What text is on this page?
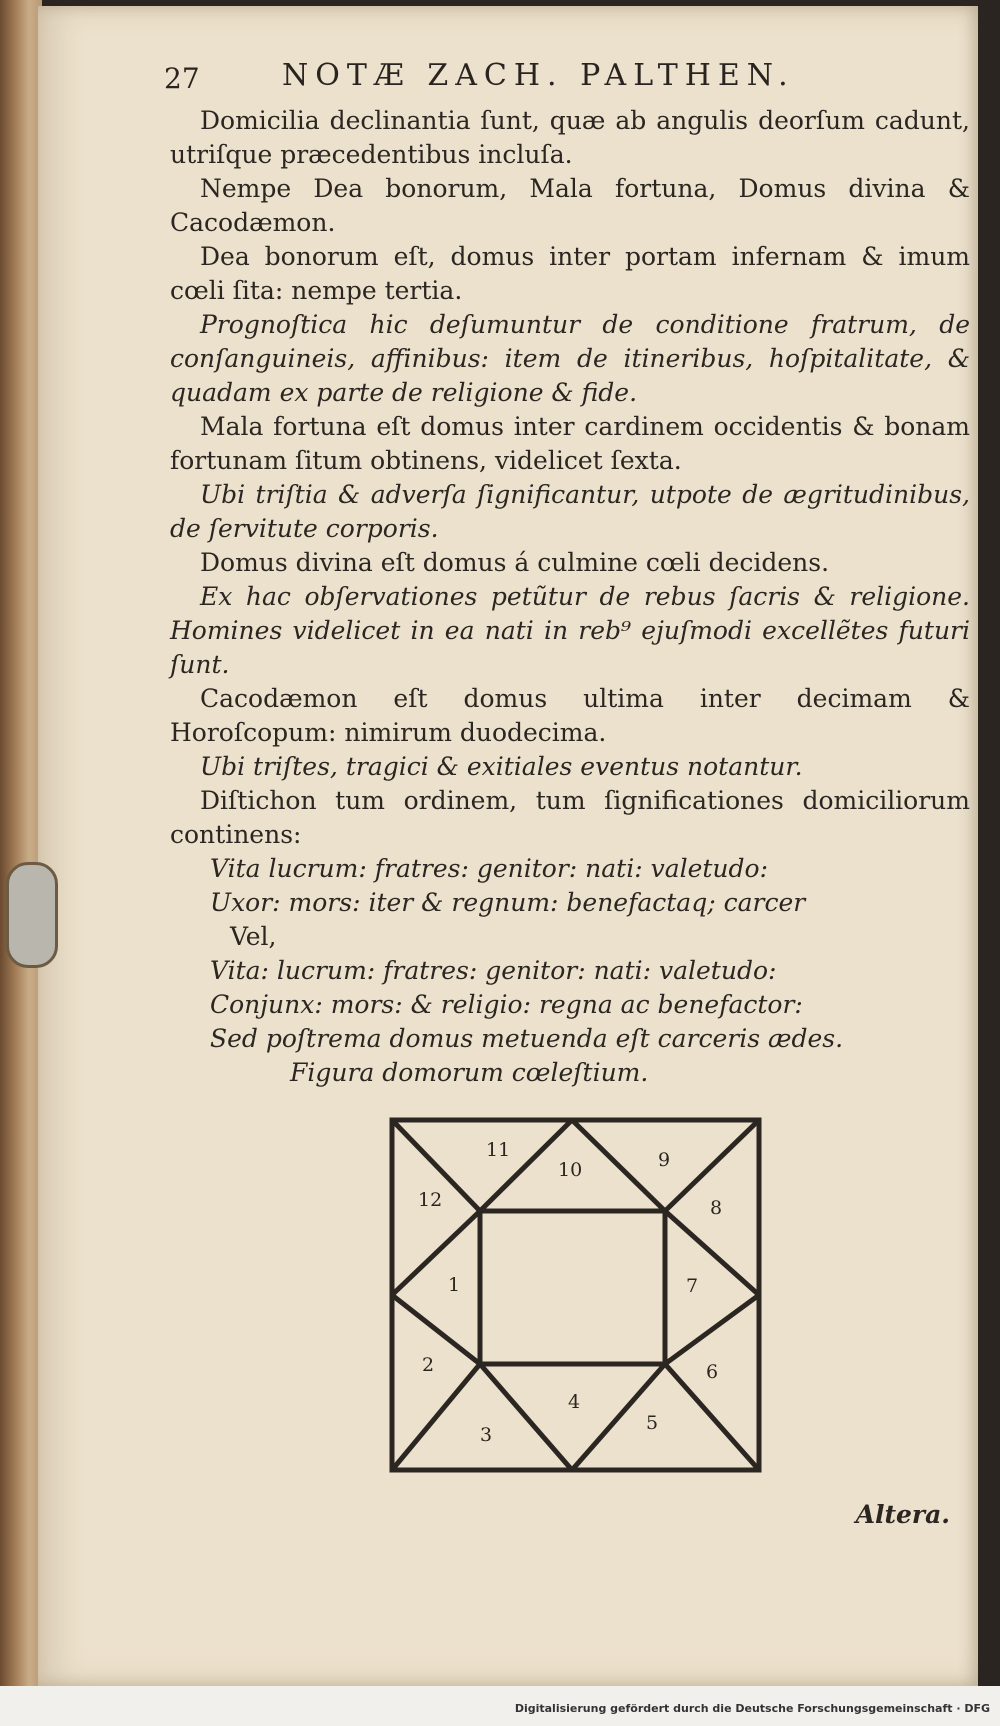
27	NOTÆ ZACH. PALTHEN.

Domicilia declinantia ſunt, quæ ab angulis deorſum cadunt, utriſque præcedentibus incluſa.

Nempe Dea bonorum, Mala fortuna, Domus divina & Cacodæmon.

Dea bonorum eſt, domus inter portam infernam & imum cœli ſita: nempe tertia.

Prognoſtica hic deſumuntur de conditione fratrum, de conſanguineis, affinibus: item de itineribus, hoſpitalitate, & quadam ex parte de religione & fide.

Mala fortuna eſt domus inter cardinem occidentis & bonam fortunam ſitum obtinens, videlicet ſexta.

Ubi triſtia & adverſa ſignificantur, utpote de ægritudinibus, de ſervitute corporis.

Domus divina eſt domus á culmine cœli decidens.

Ex hac obſervationes petũtur de rebus ſacris & religione. Homines videlicet in ea nati in reb⁹ ejuſmodi excellẽtes futuri ſunt.

Cacodæmon eſt domus ultima inter decimam & Horoſcopum: nimirum duodecima.

Ubi triſtes, tragici & exitiales eventus notantur.

Diſtichon tum ordinem, tum ſignificationes domiciliorum continens:

Vita lucrum: fratres: genitor: nati: valetudo:

Uxor: mors: iter & regnum: benefactaq; carcer

Vel,

Vita: lucrum: fratres: genitor: nati: valetudo:

Conjunx: mors: & religio: regna ac benefactor:

Sed poſtrema domus metuenda eſt carceris ædes.

Figura domorum cœleſtium.

1
2
3
4
5
6
7
8
9
10
11
12
Altera.
Digitalisierung gefördert durch die Deutsche Forschungsgemeinschaft · DFG
